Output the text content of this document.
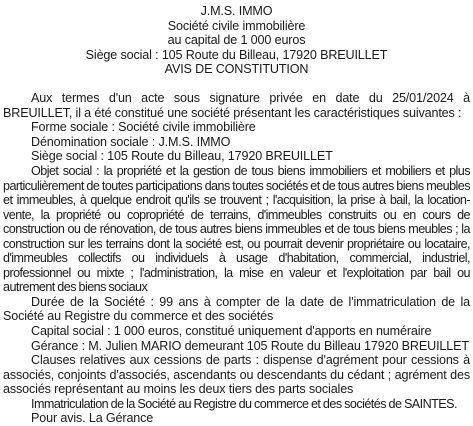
J.M.S. IMMO
Société civile immobilière
au capital de 1 000 euros
Siège social : 105 Route du Billeau, 17920 BREUILLET
AVIS DE CONSTITUTION

Aux termes d'un acte sous signature privée en date du 25/01/2024 à BREUILLET, il a été constitué une société présentant les caractéristiques suivantes :

Forme sociale : Société civile immobilière

Dénomination sociale : J.M.S. IMMO

Siège social : 105 Route du Billeau, 17920 BREUILLET

Objet social : la propriété et la gestion de tous biens immobiliers et mobiliers et plus particulièrement de toutes participations dans toutes sociétés et de tous autres biens meubles et immeubles, à quelque endroit qu'ils se trouvent ; l'acquisition, la prise à bail, la location-vente, la propriété ou copropriété de terrains, d'immeubles construits ou en cours de construction ou de rénovation, de tous autres biens immeubles et de tous biens meubles ; la construction sur les terrains dont la société est, ou pourrait devenir propriétaire ou locataire, d'immeubles collectifs ou individuels à usage d'habitation, commercial, industriel, professionnel ou mixte ; l'administration, la mise en valeur et l'exploitation par bail ou autrement des biens sociaux

Durée de la Société : 99 ans à compter de la date de l'immatriculation de la Société au Registre du commerce et des sociétés

Capital social : 1 000 euros, constitué uniquement d'apports en numéraire

Gérance : M. Julien MARIO demeurant 105 Route du Billeau 17920 BREUILLET

Clauses relatives aux cessions de parts : dispense d'agrément pour cessions à associés, conjoints d'associés, ascendants ou descendants du cédant ; agrément des associés représentant au moins les deux tiers des parts sociales

Immatriculation de la Société au Registre du commerce et des sociétés de SAINTES.

Pour avis. La Gérance
